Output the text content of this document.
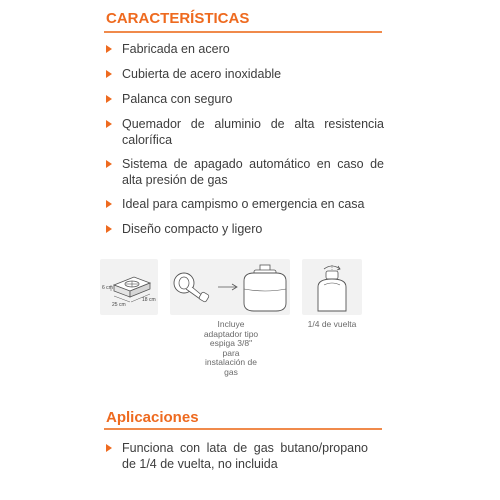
CARACTERÍSTICAS
Fabricada en acero
Cubierta de acero inoxidable
Palanca con seguro
Quemador de aluminio de alta resistencia calorífica
Sistema de apagado automático en caso de alta presión de gas
Ideal para campismo o emergencia en casa
Diseño compacto y ligero
6 cm
25 cm
18 cm
Incluye
adaptador tipo
espiga 3/8"
para
instalación de
gas
1/4 de vuelta
Aplicaciones
Funciona con lata de gas butano/propano de 1/4 de vuelta, no incluida
